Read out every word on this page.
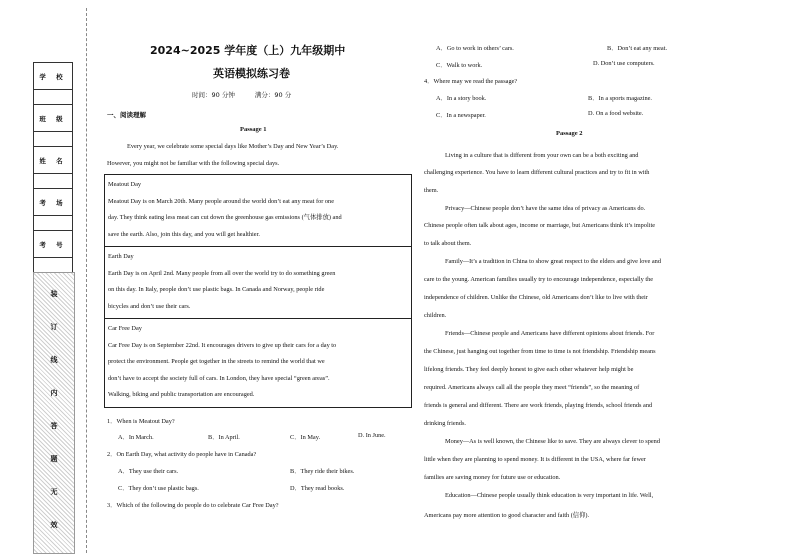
学 校

班 级

姓 名

考 场

考 号

装
订
线
内
答
题
无
效
2024~2025 学年度（上）九年级期中
英语模拟练习卷
时间：90 分钟	满分：90 分
一、阅读理解
Passage 1
Every year, we celebrate some special days like Mother’s Day and New Year’s Day.
However, you might not be familiar with the following special days.
Meatout Day
Meatout Day is on March 20th. Many people around the world don’t eat any meat for one
day. They think eating less meat can cut down the greenhouse gas emissions (气体排放) and
save the earth. Also, join this day, and you will get healthier.
Earth Day
Earth Day is on April 2nd. Many people from all over the world try to do something green
on this day. In Italy, people don’t use plastic bags. In Canada and Norway, people ride
bicycles and don’t use their cars.
Car Free Day
Car Free Day is on September 22nd. It encourages drivers to give up their cars for a day to
protect the environment. People get together in the streets to remind the world that we
don’t have to accept the society full of cars. In London, they have special “green areas”.
Walking, biking and public transportation are encouraged.
1．When is Meatout Day?
A．In March.	B．In April.	C．In May.	D. In June.
2．On Earth Day, what activity do people have in Canada?
A．They use their cars.	B．They ride their bikes.
C．They don’t use plastic bags.	D．They read books.
3．Which of the following do people do to celebrate Car Free Day?
A．Go to work in others’ cars.	B．Don’t eat any meat.
C．Walk to work.	D. Don’t use computers.
4．Where may we read the passage?
A．In a story book.	B．In a sports magazine.
C．In a newspaper.	D. On a food website.
Passage 2
Living in a culture that is different from your own can be a both exciting and
challenging experience. You have to learn different cultural practices and try to fit in with
them.
Privacy—Chinese people don’t have the same idea of privacy as Americans do.
Chinese people often talk about ages, income or marriage, but Americans think it’s impolite
to talk about them.
Family—It’s a tradition in China to show great respect to the elders and give love and
care to the young. American families usually try to encourage independence, especially the
independence of children. Unlike the Chinese, old Americans don’t like to live with their
children.
Friends—Chinese people and Americans have different opinions about friends. For
the Chinese, just hanging out together from time to time is not friendship. Friendship means
lifelong friends. They feel deeply honest to give each other whatever help might be
required. Americans always call all the people they meet “friends”, so the meaning of
friends is general and different. There are work friends, playing friends, school friends and
drinking friends.
Money—As is well known, the Chinese like to save. They are always clever to spend
little when they are planning to spend money. It is different in the USA, where far fewer
families are saving money for future use or education.
Education—Chinese people usually think education is very important in life. Well,
Americans pay more attention to good character and faith (信仰).
